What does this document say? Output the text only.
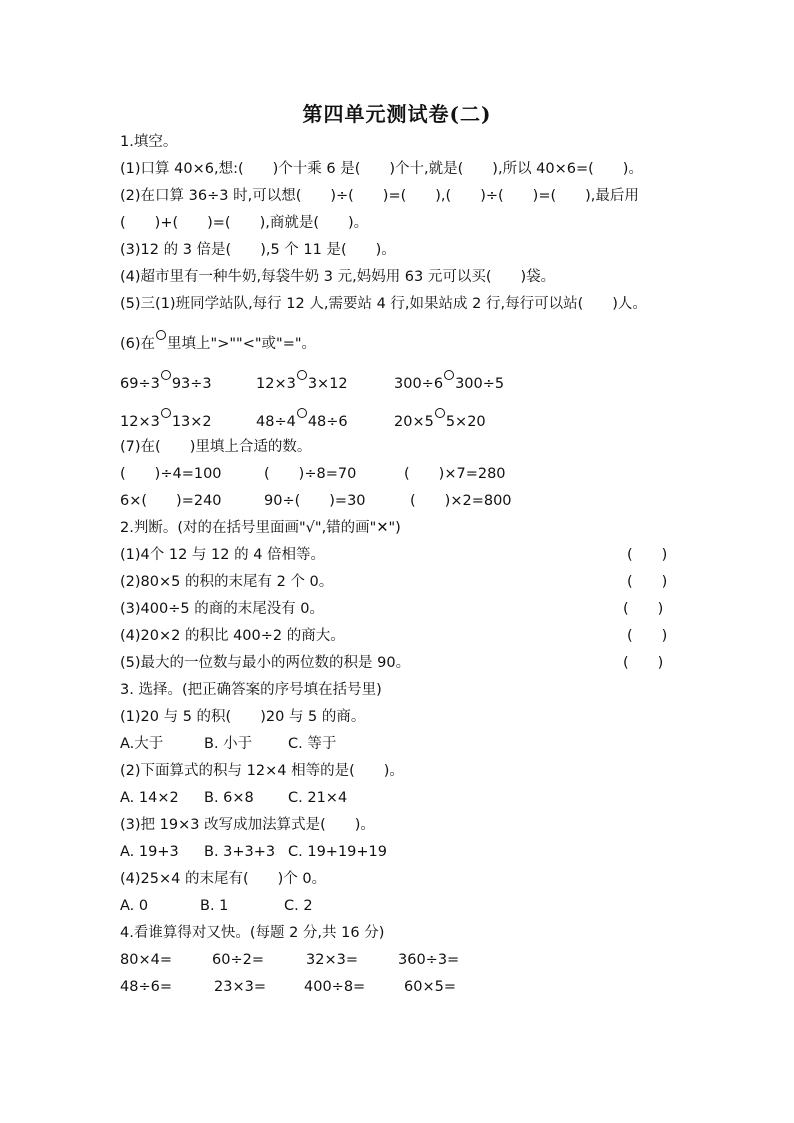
第四单元测试卷(二)
1.填空。
(1)口算 40×6,想:(　　)个十乘 6 是(　　)个十,就是(　　),所以 40×6=(　　)。
(2)在口算 36÷3 时,可以想(　　)÷(　　)=(　　),(　　)÷(　　)=(　　),最后用
(　　)+(　　)=(　　),商就是(　　)。
(3)12 的 3 倍是(　　),5 个 11 是(　　)。
(4)超市里有一种牛奶,每袋牛奶 3 元,妈妈用 63 元可以买(　　)袋。
(5)三(1)班同学站队,每行 12 人,需要站 4 行,如果站成 2 行,每行可以站(　　)人。
(6)在 里填上">""<"或"="。
69÷3 93÷3	12×3 3×12	300÷6 300÷5
12×3 13×2	48÷4 48÷6	20×5 5×20
(7)在(　　)里填上合适的数。
(　　)÷4=100	(　　)÷8=70	(　　)×7=280
6×(　　)=240	90÷(　　)=30	(　　)×2=800
2.判断。(对的在括号里面画"√",错的画"✕")
(1)4个 12 与 12 的 4 倍相等。	(　　)
(2)80×5 的积的末尾有 2 个 0。	(　　)
(3)400÷5 的商的末尾没有 0。	(　　)
(4)20×2 的积比 400÷2 的商大。	(　　)
(5)最大的一位数与最小的两位数的积是 90。	(　　)
3. 选择。(把正确答案的序号填在括号里)
(1)20 与 5 的积(　　)20 与 5 的商。
A.大于	B. 小于 C. 等于
(2)下面算式的积与 12×4 相等的是(　　)。
A. 14×2 B. 6×8 C. 21×4
(3)把 19×3 改写成加法算式是(　　)。
A. 19+3 B. 3+3+3 C. 19+19+19
(4)25×4 的末尾有(　　)个 0。
A. 0	B. 1	C. 2
4.看谁算得对又快。(每题 2 分,共 16 分)
80×4=	60÷2=	32×3=	360÷3=
48÷6=	23×3=	400÷8=	60×5=
